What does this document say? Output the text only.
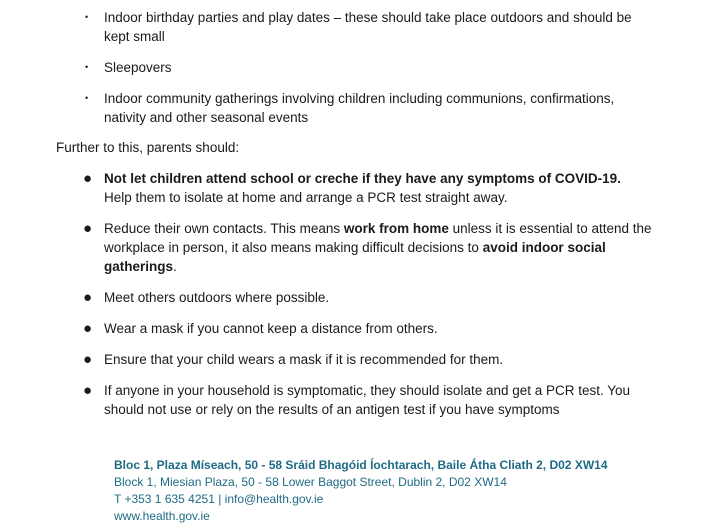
• Indoor birthday parties and play dates – these should take place outdoors and should be kept small
• Sleepovers
• Indoor community gatherings involving children including communions, confirmations, nativity and other seasonal events

Further to this, parents should:

● Not let children attend school or creche if they have any symptoms of COVID-19. Help them to isolate at home and arrange a PCR test straight away.
● Reduce their own contacts. This means work from home unless it is essential to attend the workplace in person, it also means making difficult decisions to avoid indoor social gatherings.
● Meet others outdoors where possible.
● Wear a mask if you cannot keep a distance from others.
● Ensure that your child wears a mask if it is recommended for them.
● If anyone in your household is symptomatic, they should isolate and get a PCR test. You should not use or rely on the results of an antigen test if you have symptoms
Bloc 1, Plaza Míseach, 50 - 58 Sráid Bhagóid Íochtarach, Baile Átha Cliath 2, D02 XW14
Block 1, Miesian Plaza, 50 - 58 Lower Baggot Street, Dublin 2, D02 XW14
T +353 1 635 4251 | info@health.gov.ie
www.health.gov.ie
